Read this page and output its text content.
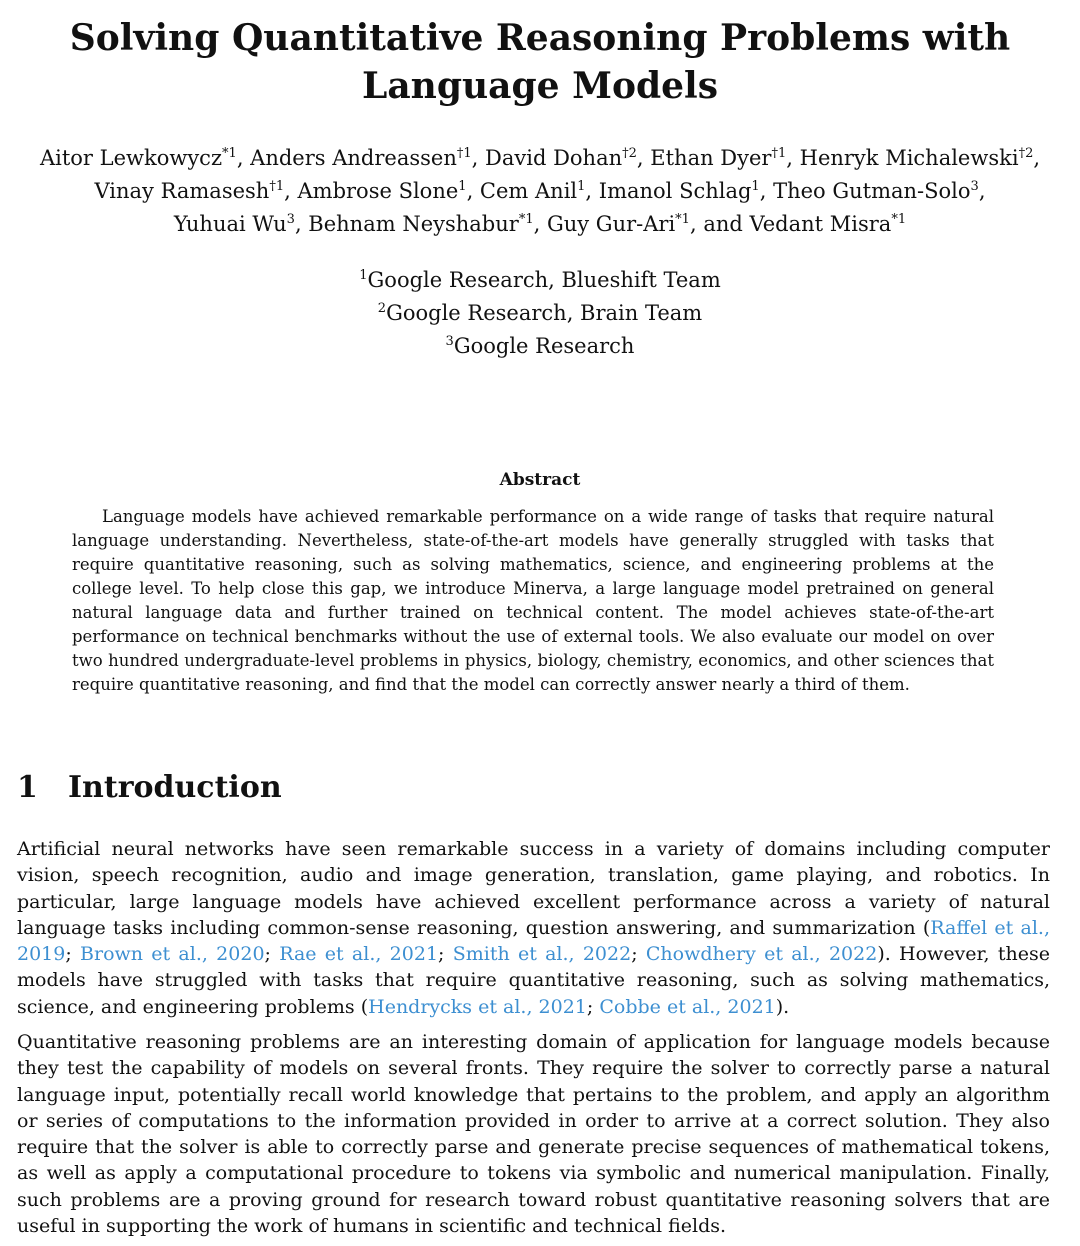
Solving Quantitative Reasoning Problems with
Language Models
Aitor Lewkowycz$^{*1}$, Anders Andreassen$^{\dagger 1}$, David Dohan$^{\dagger 2}$, Ethan Dyer$^{\dagger 1}$, Henryk Michalewski$^{\dagger 2}$,
Vinay Ramasesh$^{\dagger 1}$, Ambrose Slone$^1$, Cem Anil$^1$, Imanol Schlag$^1$, Theo Gutman-Solo$^3$,
Yuhuai Wu$^3$, Behnam Neyshabur$^{*1}$, Guy Gur-Ari$^{*1}$, and Vedant Misra$^{*1}$
$^1$Google Research, Blueshift Team
$^2$Google Research, Brain Team
$^3$Google Research
Abstract

Language models have achieved remarkable performance on a wide range of tasks that require natural language understanding. Nevertheless, state-of-the-art models have generally struggled with tasks that require quantitative reasoning, such as solving mathematics, science, and engineering problems at the college level. To help close this gap, we introduce Minerva, a large language model pretrained on general natural language data and further trained on technical content. The model achieves state-of-the-art performance on technical benchmarks without the use of external tools. We also evaluate our model on over two hundred undergraduate-level problems in physics, biology, chemistry, economics, and other sciences that require quantitative reasoning, and find that the model can correctly answer nearly a third of them.

1 Introduction

Artificial neural networks have seen remarkable success in a variety of domains including computer vision, speech recognition, audio and image generation, translation, game playing, and robotics. In particular, large language models have achieved excellent performance across a variety of natural language tasks including common-sense reasoning, question answering, and summarization (Raffel et al., 2019; Brown et al., 2020; Rae et al., 2021; Smith et al., 2022; Chowdhery et al., 2022). However, these models have struggled with tasks that require quantitative reasoning, such as solving mathematics, science, and engineering problems (Hendrycks et al., 2021; Cobbe et al., 2021).

Quantitative reasoning problems are an interesting domain of application for language models because they test the capability of models on several fronts. They require the solver to correctly parse a natural language input, potentially recall world knowledge that pertains to the problem, and apply an algorithm or series of computations to the information provided in order to arrive at a correct solution. They also require that the solver is able to correctly parse and generate precise sequences of mathematical tokens, as well as apply a computational procedure to tokens via symbolic and numerical manipulation. Finally, such problems are a proving ground for research toward robust quantitative reasoning solvers that are useful in supporting the work of humans in scientific and technical fields.
